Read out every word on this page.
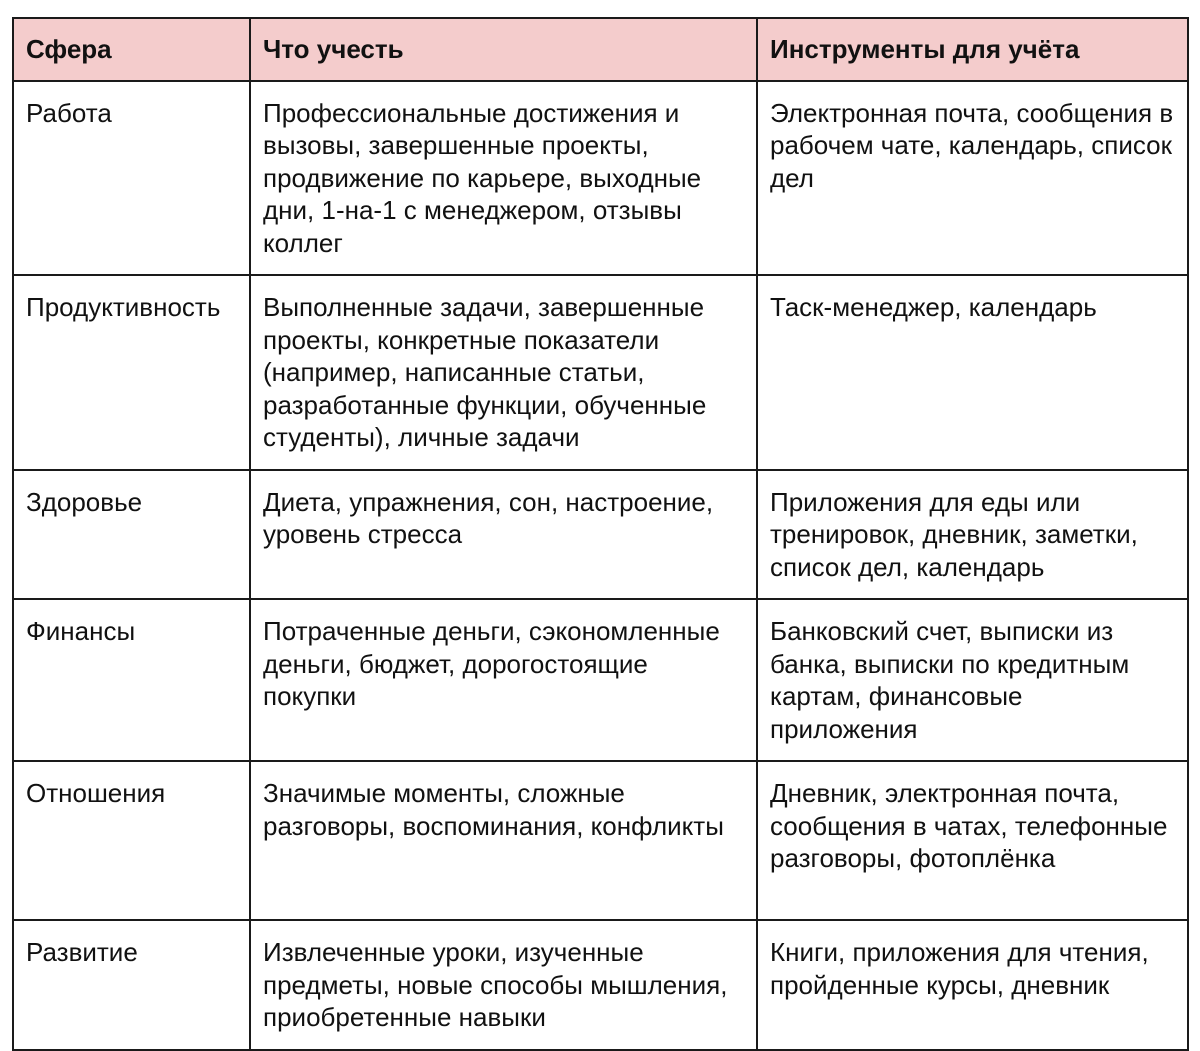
Сфера	Что учесть	Инструменты для учёта
Работа	Профессиональные достижения и вызовы, завершенные проекты, продвижение по карьере, выходные дни, 1-на-1 с менеджером, отзывы коллег	Электронная почта, сообщения в рабочем чате, календарь, список дел
Продуктивность	Выполненные задачи, завершенные проекты, конкретные показатели (например, написанные статьи, разработанные функции, обученные студенты), личные задачи	Таск-менеджер, календарь
Здоровье	Диета, упражнения, сон, настроение, уровень стресса	Приложения для еды или тренировок, дневник, заметки, список дел, календарь
Финансы	Потраченные деньги, сэкономленные деньги, бюджет, дорогостоящие покупки	Банковский счет, выписки из банка, выписки по кредитным картам, финансовые приложения
Отношения	Значимые моменты, сложные разговоры, воспоминания, конфликты	Дневник, электронная почта, сообщения в чатах, телефонные разговоры, фотоплёнка
Развитие	Извлеченные уроки, изученные предметы, новые способы мышления, приобретенные навыки	Книги, приложения для чтения, пройденные курсы, дневник
